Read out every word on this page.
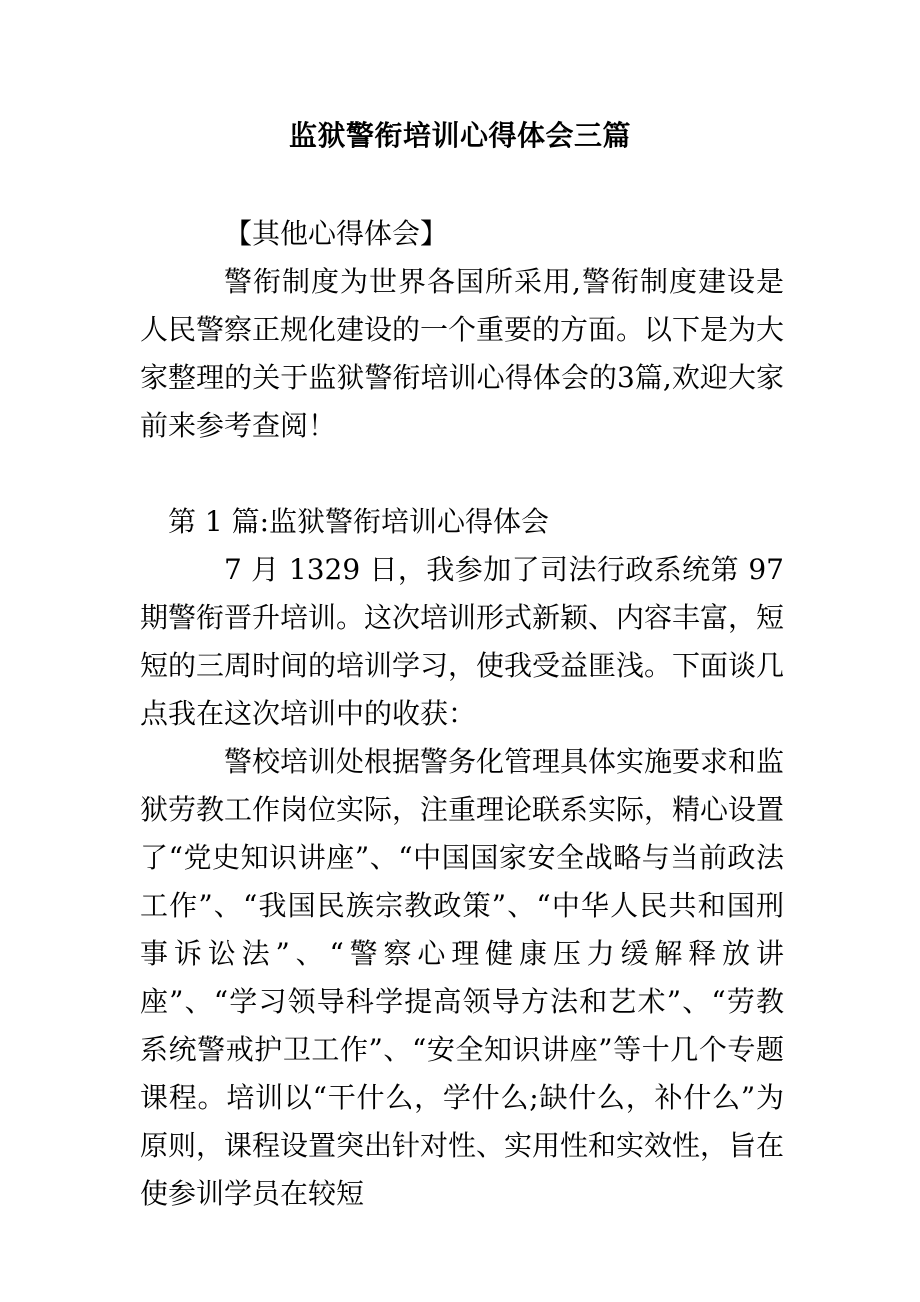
监狱警衔培训心得体会三篇
【其他心得体会】
警衔制度为世界各国所采用,警衔制度建设是人民警察正规化建设的一个重要的方面。以下是为大家整理的关于监狱警衔培训心得体会的3篇,欢迎大家前来参考查阅！
第 1 篇:监狱警衔培训心得体会
7 月 1329 日，我参加了司法行政系统第 97 期警衔晋升培训。这次培训形式新颖、内容丰富，短短的三周时间的培训学习，使我受益匪浅。下面谈几点我在这次培训中的收获：
警校培训处根据警务化管理具体实施要求和监狱劳教工作岗位实际，注重理论联系实际，精心设置了“党史知识讲座”、“中国国家安全战略与当前政法工作”、“我国民族宗教政策”、“中华人民共和国刑事诉讼法”、“警察心理健康压力缓解释放讲座”、“学习领导科学提高领导方法和艺术”、“劳教系统警戒护卫工作”、“安全知识讲座”等十几个专题课程。培训以“干什么，学什么;缺什么，补什么”为原则，课程设置突出针对性、实用性和实效性，旨在使参训学员在较短
